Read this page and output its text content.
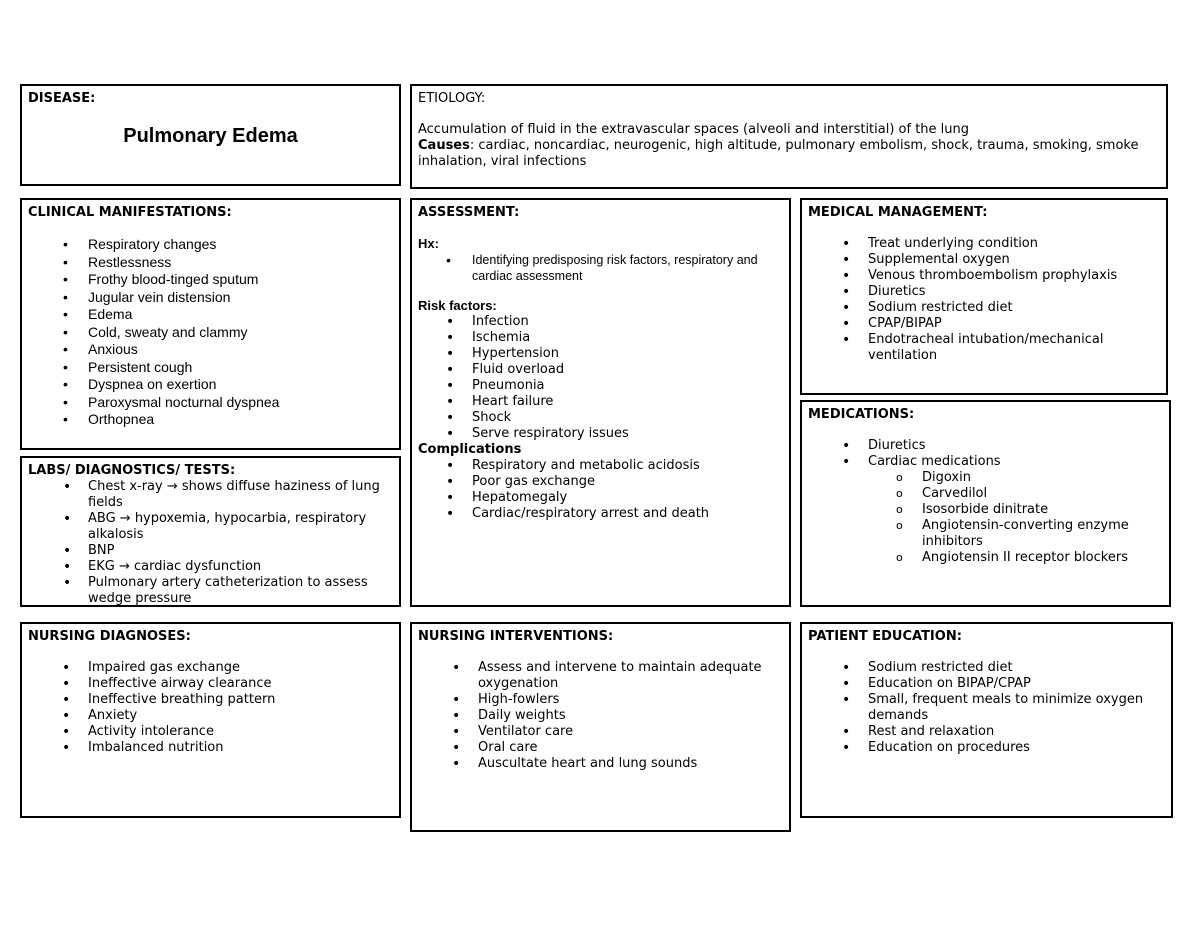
DISEASE:

Pulmonary Edema

ETIOLOGY:

Accumulation of fluid in the extravascular spaces (alveoli and interstitial) of the lung
Causes: cardiac, noncardiac, neurogenic, high altitude, pulmonary embolism, shock, trauma, smoking, smoke inhalation, viral infections

CLINICAL MANIFESTATIONS:

• Respiratory changes
• Restlessness
• Frothy blood-tinged sputum
• Jugular vein distension
• Edema
• Cold, sweaty and clammy
• Anxious
• Persistent cough
• Dyspnea on exertion
• Paroxysmal nocturnal dyspnea
• Orthopnea

ASSESSMENT:

Hx:
• Identifying predisposing risk factors, respiratory and cardiac assessment
Risk factors:
• Infection
• Ischemia
• Hypertension
• Fluid overload
• Pneumonia
• Heart failure
• Shock
• Serve respiratory issues
Complications
• Respiratory and metabolic acidosis
• Poor gas exchange
• Hepatomegaly
• Cardiac/respiratory arrest and death

MEDICAL MANAGEMENT:

• Treat underlying condition
• Supplemental oxygen
• Venous thromboembolism prophylaxis
• Diuretics
• Sodium restricted diet
• CPAP/BIPAP
• Endotracheal intubation/mechanical ventilation

MEDICATIONS:

• Diuretics
• Cardiac medications
o Digoxin
o Carvedilol
o Isosorbide dinitrate
o Angiotensin-converting enzyme inhibitors
o Angiotensin II receptor blockers

LABS/ DIAGNOSTICS/ TESTS:

• Chest x-ray → shows diffuse haziness of lung fields
• ABG → hypoxemia, hypocarbia, respiratory alkalosis
• BNP
• EKG → cardiac dysfunction
• Pulmonary artery catheterization to assess wedge pressure

NURSING DIAGNOSES:

• Impaired gas exchange
• Ineffective airway clearance
• Ineffective breathing pattern
• Anxiety
• Activity intolerance
• Imbalanced nutrition

NURSING INTERVENTIONS:

• Assess and intervene to maintain adequate oxygenation
• High-fowlers
• Daily weights
• Ventilator care
• Oral care
• Auscultate heart and lung sounds

PATIENT EDUCATION:

• Sodium restricted diet
• Education on BIPAP/CPAP
• Small, frequent meals to minimize oxygen demands
• Rest and relaxation
• Education on procedures
